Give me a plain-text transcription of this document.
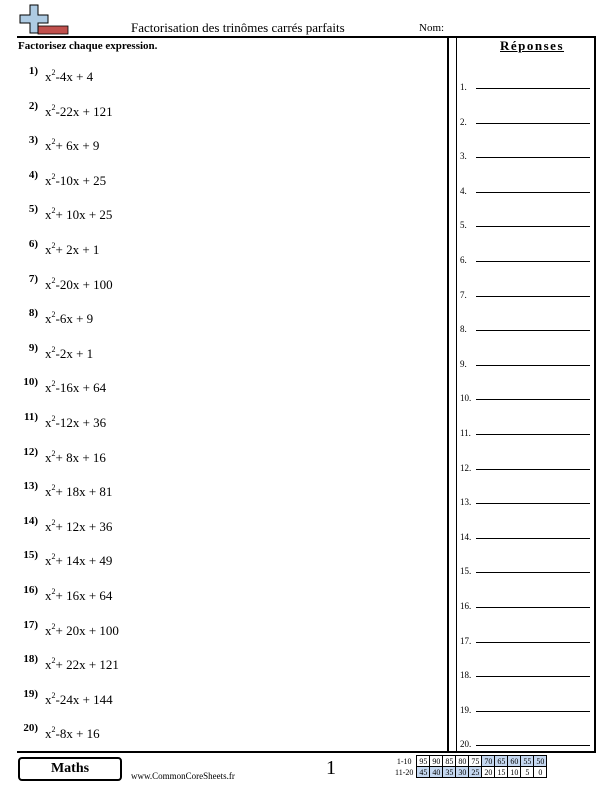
Factorisation des trinômes carrés parfaits	Nom:
Factorisez chaque expression.
1) $x^2-4x + 4$
2) $x^2-22x + 121$
3) $x^2+ 6x + 9$
4) $x^2-10x + 25$
5) $x^2+ 10x + 25$
6) $x^2+ 2x + 1$
7) $x^2-20x + 100$
8) $x^2-6x + 9$
9) $x^2-2x + 1$
10) $x^2-16x + 64$
11) $x^2-12x + 36$
12) $x^2+ 8x + 16$
13) $x^2+ 18x + 81$
14) $x^2+ 12x + 36$
15) $x^2+ 14x + 49$
16) $x^2+ 16x + 64$
17) $x^2+ 20x + 100$
18) $x^2+ 22x + 121$
19) $x^2-24x + 144$
20) $x^2-8x + 16$
Réponses
1.
2.
3.
4.
5.
6.
7.
8.
9.
10.
11.
12.
13.
14.
15.
16.
17.
18.
19.
20.
Maths	www.CommonCoreSheets.fr	1	1-10	95	90	85	80	75	70	65	60	55	50
11-20	45	40	35	30	25	20	15	10	5	0
